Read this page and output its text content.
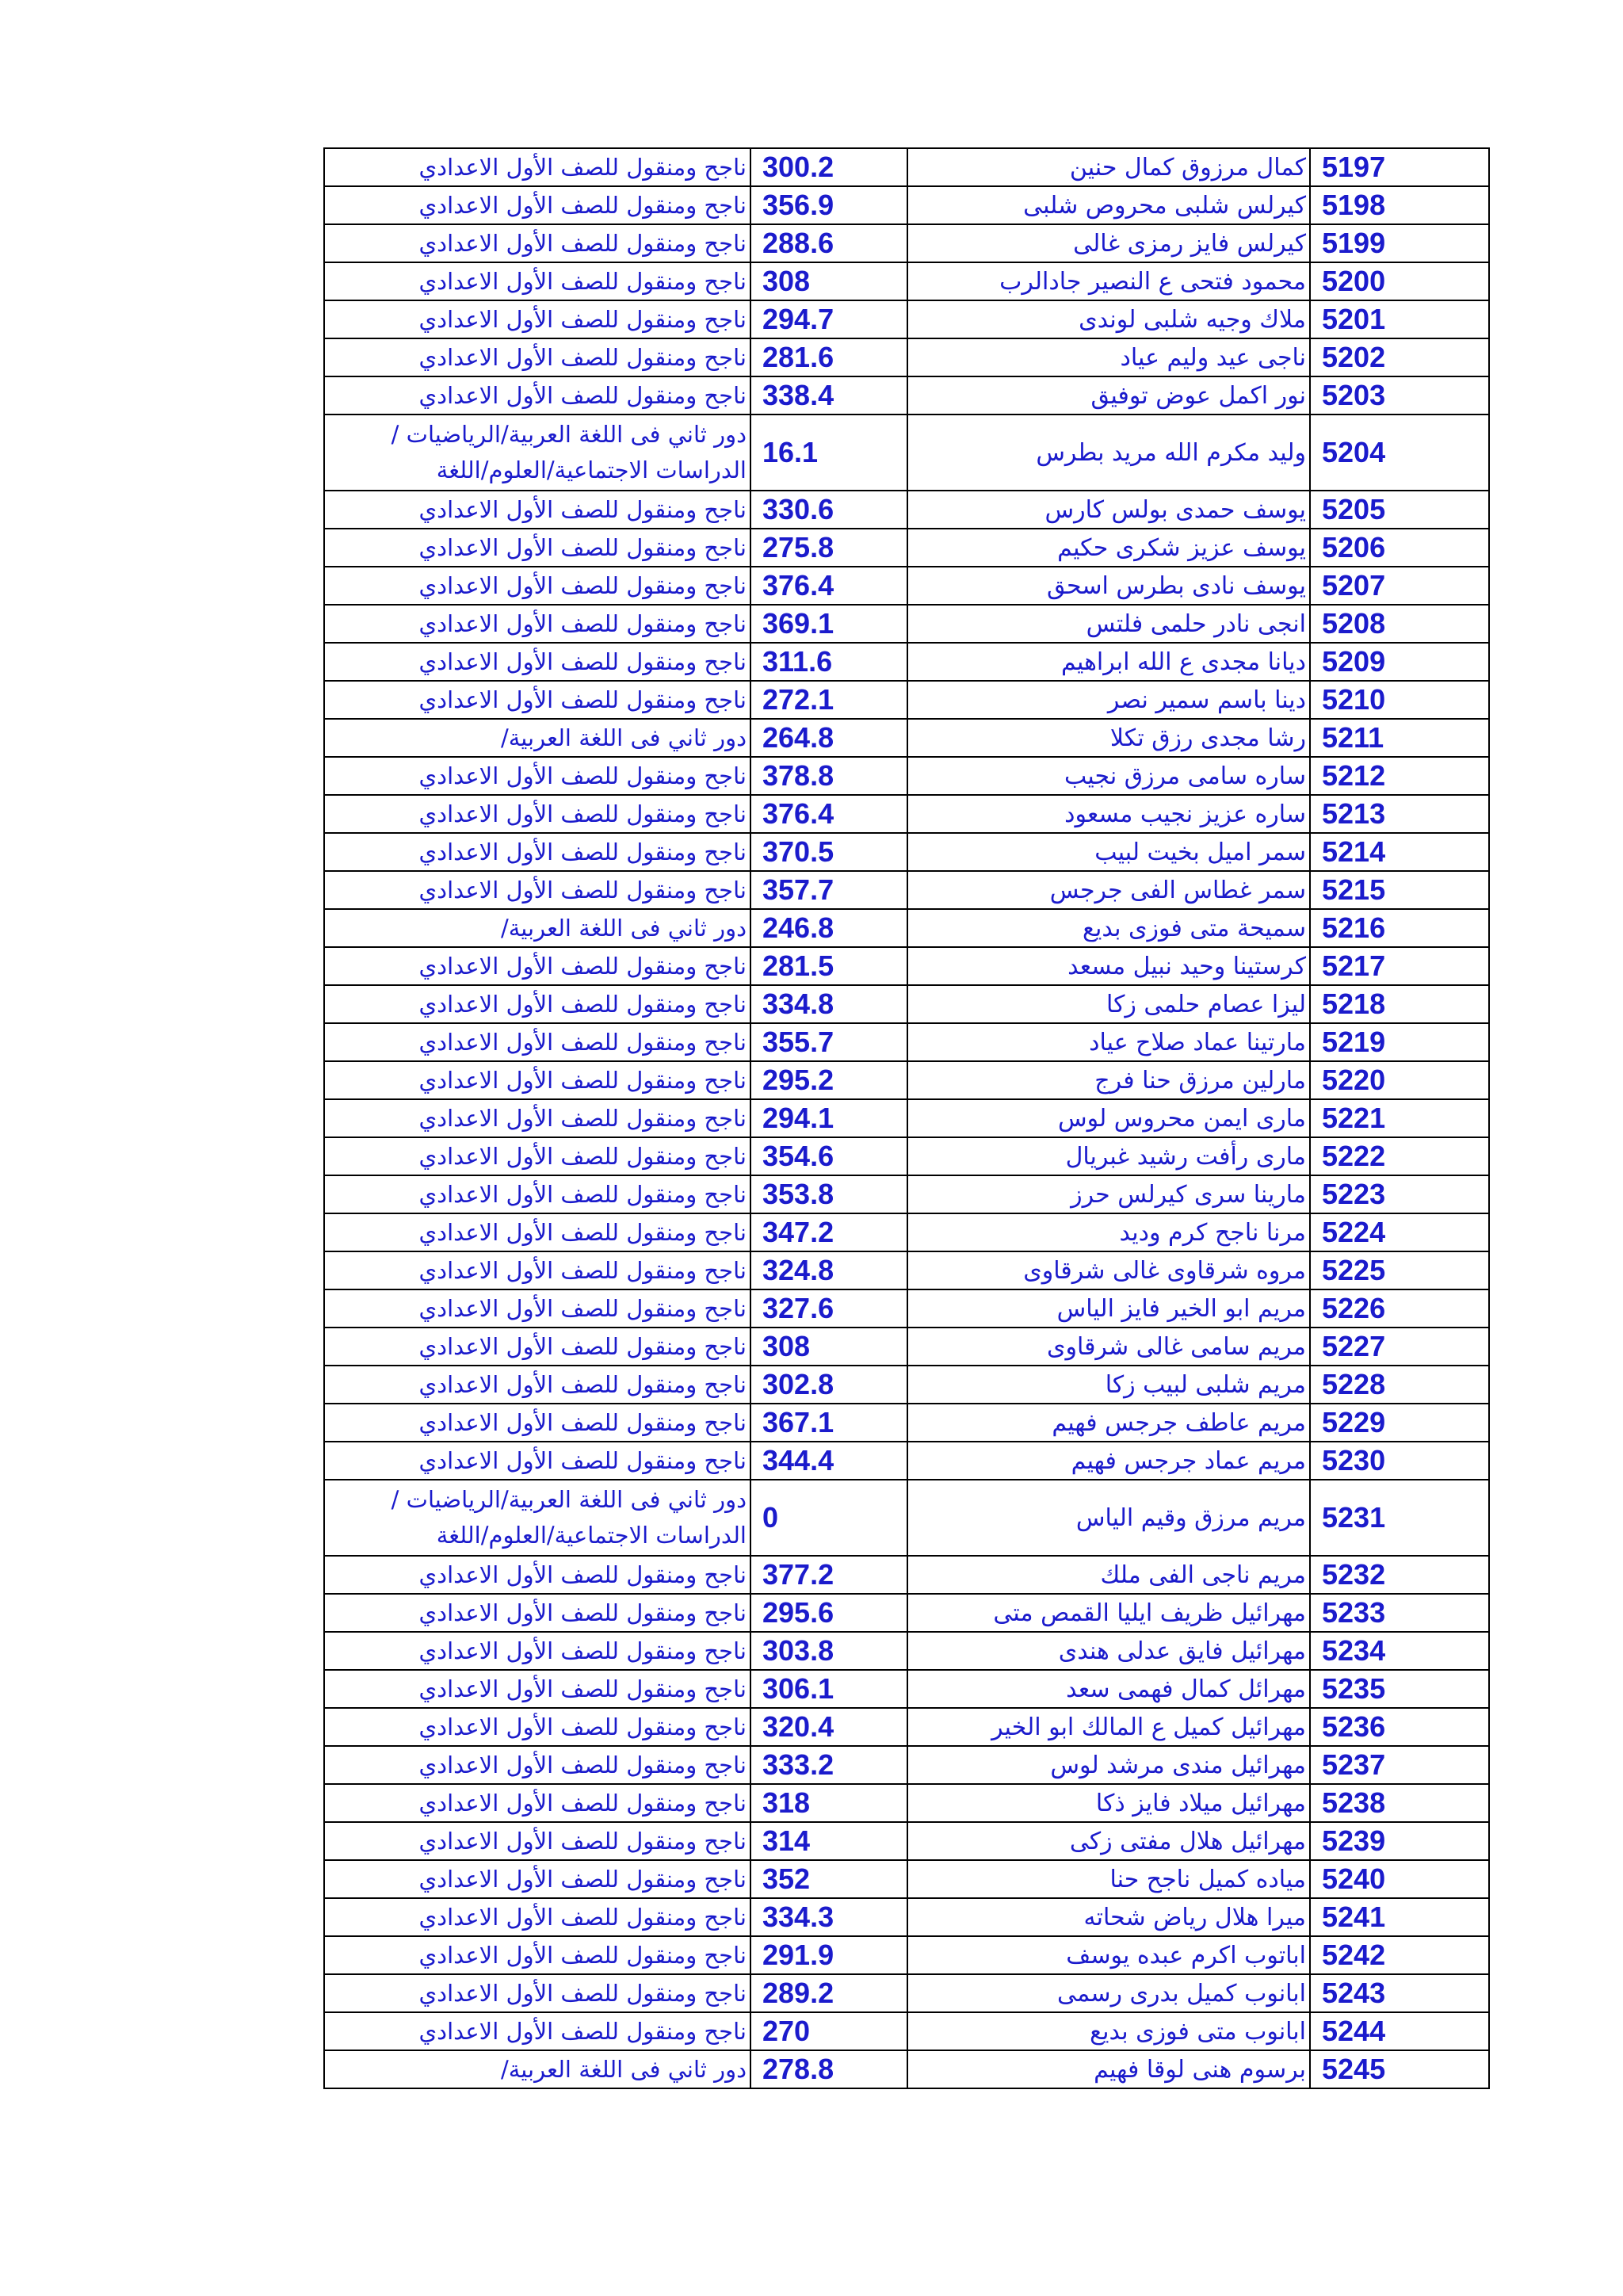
5197	كمال مرزوق كمال حنين	300.2	ناجح ومنقول للصف الأول الاعدادي
5198	كيرلس شلبى محروص شلبى	356.9	ناجح ومنقول للصف الأول الاعدادي
5199	كيرلس فايز رمزى غالى	288.6	ناجح ومنقول للصف الأول الاعدادي
5200	محمود فتحى ع النصير جادالرب	308	ناجح ومنقول للصف الأول الاعدادي
5201	ملاك وجيه شلبى لوندى	294.7	ناجح ومنقول للصف الأول الاعدادي
5202	ناجى عيد وليم عياد	281.6	ناجح ومنقول للصف الأول الاعدادي
5203	نور اكمل عوض توفيق	338.4	ناجح ومنقول للصف الأول الاعدادي
5204	وليد مكرم الله مريد بطرس	16.1	دور ثاني فى اللغة العربية/الرياضيات / الدراسات الاجتماعية/العلوم/اللغة
5205	يوسف حمدى بولس كارس	330.6	ناجح ومنقول للصف الأول الاعدادي
5206	يوسف عزيز شكرى حكيم	275.8	ناجح ومنقول للصف الأول الاعدادي
5207	يوسف نادى بطرس اسحق	376.4	ناجح ومنقول للصف الأول الاعدادي
5208	انجى نادر حلمى فلتس	369.1	ناجح ومنقول للصف الأول الاعدادي
5209	ديانا مجدى ع الله ابراهيم	311.6	ناجح ومنقول للصف الأول الاعدادي
5210	دينا باسم سمير نصر	272.1	ناجح ومنقول للصف الأول الاعدادي
5211	رشا مجدى رزق تكلا	264.8	دور ثاني فى اللغة العربية/
5212	ساره سامى مرزق نجيب	378.8	ناجح ومنقول للصف الأول الاعدادي
5213	ساره عزيز نجيب مسعود	376.4	ناجح ومنقول للصف الأول الاعدادي
5214	سمر اميل بخيت لبيب	370.5	ناجح ومنقول للصف الأول الاعدادي
5215	سمر غطاس الفى جرجس	357.7	ناجح ومنقول للصف الأول الاعدادي
5216	سميحة متى فوزى بديع	246.8	دور ثاني فى اللغة العربية/
5217	كرستينا وحيد نبيل مسعد	281.5	ناجح ومنقول للصف الأول الاعدادي
5218	ليزا عصام حلمى زكا	334.8	ناجح ومنقول للصف الأول الاعدادي
5219	مارتينا عماد صلاح عياد	355.7	ناجح ومنقول للصف الأول الاعدادي
5220	مارلين مرزق حنا فرج	295.2	ناجح ومنقول للصف الأول الاعدادي
5221	مارى ايمن محروس لوس	294.1	ناجح ومنقول للصف الأول الاعدادي
5222	مارى رأفت رشيد غبريال	354.6	ناجح ومنقول للصف الأول الاعدادي
5223	مارينا سرى كيرلس حرز	353.8	ناجح ومنقول للصف الأول الاعدادي
5224	مرنا ناجح كرم وديد	347.2	ناجح ومنقول للصف الأول الاعدادي
5225	مروه شرقاوى غالى شرقاوى	324.8	ناجح ومنقول للصف الأول الاعدادي
5226	مريم ابو الخير فايز الياس	327.6	ناجح ومنقول للصف الأول الاعدادي
5227	مريم سامى غالى شرقاوى	308	ناجح ومنقول للصف الأول الاعدادي
5228	مريم شلبى لبيب زكا	302.8	ناجح ومنقول للصف الأول الاعدادي
5229	مريم عاطف جرجس فهيم	367.1	ناجح ومنقول للصف الأول الاعدادي
5230	مريم عماد جرجس فهيم	344.4	ناجح ومنقول للصف الأول الاعدادي
5231	مريم مرزق وقيم الياس	0	دور ثاني فى اللغة العربية/الرياضيات / الدراسات الاجتماعية/العلوم/اللغة
5232	مريم ناجى الفى ملك	377.2	ناجح ومنقول للصف الأول الاعدادي
5233	مهرائيل ظريف ايليا القمص متى	295.6	ناجح ومنقول للصف الأول الاعدادي
5234	مهرائيل فايق عدلى هندى	303.8	ناجح ومنقول للصف الأول الاعدادي
5235	مهرائل كمال فهمى سعد	306.1	ناجح ومنقول للصف الأول الاعدادي
5236	مهرائيل كميل ع المالك ابو الخير	320.4	ناجح ومنقول للصف الأول الاعدادي
5237	مهرائيل مندى مرشد لوس	333.2	ناجح ومنقول للصف الأول الاعدادي
5238	مهرائيل ميلاد فايز ذكا	318	ناجح ومنقول للصف الأول الاعدادي
5239	مهرائيل هلال مفتى زكى	314	ناجح ومنقول للصف الأول الاعدادي
5240	مياده كميل ناجح حنا	352	ناجح ومنقول للصف الأول الاعدادي
5241	ميرا هلال رياض شحاته	334.3	ناجح ومنقول للصف الأول الاعدادي
5242	اباتوب اكرم عبده يوسف	291.9	ناجح ومنقول للصف الأول الاعدادي
5243	ابانوب كميل بدرى رسمى	289.2	ناجح ومنقول للصف الأول الاعدادي
5244	ابانوب متى فوزى بديع	270	ناجح ومنقول للصف الأول الاعدادي
5245	برسوم هنى لوقا فهيم	278.8	دور ثاني فى اللغة العربية/
